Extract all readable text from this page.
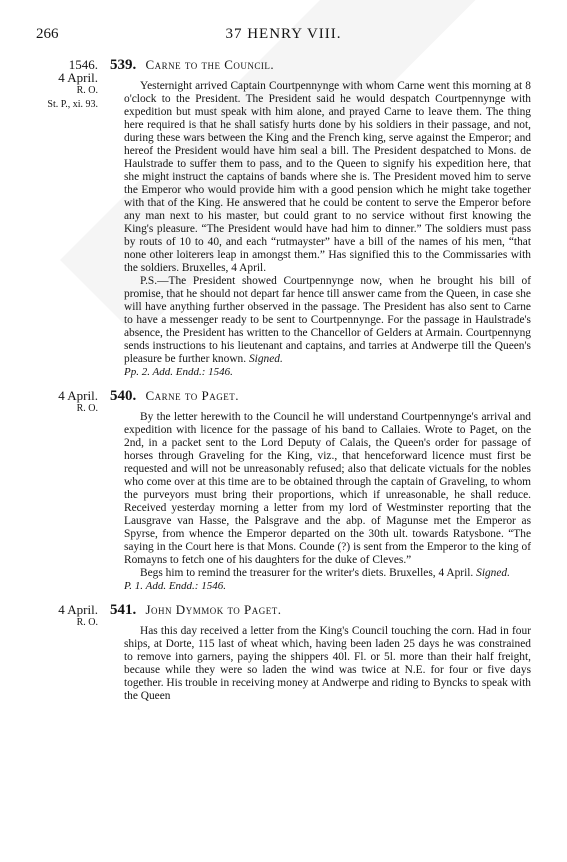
266	37 HENRY VIII.
1546.
4 April.
R. O.
St. P., xi. 93.
539. Carne to the Council.

Yesternight arrived Captain Courtpennynge with whom Carne went this morning at 8 o'clock to the President. The President said he would despatch Courtpennynge with expedition but must speak with him alone, and prayed Carne to leave them. The thing here required is that he shall satisfy hurts done by his soldiers in their passage, and not, during these wars between the King and the French king, serve against the Emperor; and hereof the President would have him seal a bill. The President despatched to Mons. de Haulstrade to suffer them to pass, and to the Queen to signify his expedition here, that she might instruct the captains of bands where she is. The President moved him to serve the Emperor who would provide him with a good pension which he might take together with that of the King. He answered that he could be content to serve the Emperor before any man next to his master, but could grant to no service without first knowing the King's pleasure. “The President would have had him to dinner.” The soldiers must pass by routs of 10 to 40, and each “rutmayster” have a bill of the names of his men, “that none other loiterers leap in amongst them.” Has signified this to the Commissaries with the soldiers. Bruxelles, 4 April.

P.S.—The President showed Courtpennynge now, when he brought his bill of promise, that he should not depart far hence till answer came from the Queen, in case she will have anything further observed in the passage. The President has also sent to Carne to have a messenger ready to be sent to Courtpennynge. For the passage in Haulstrade's absence, the President has written to the Chancellor of Gelders at Armain. Courtpennyng sends instructions to his lieutenant and captains, and tarries at Andwerpe till the Queen's pleasure be further known. Signed.

Pp. 2. Add. Endd.: 1546.
4 April.
R. O.
540. Carne to Paget.

By the letter herewith to the Council he will understand Courtpennynge's arrival and expedition with licence for the passage of his band to Callaies. Wrote to Paget, on the 2nd, in a packet sent to the Lord Deputy of Calais, the Queen's order for passage of horses through Graveling for the King, viz., that henceforward licence must first be requested and will not be unreasonably refused; also that delicate victuals for the nobles who come over at this time are to be obtained through the captain of Graveling, to whom the purveyors must bring their proportions, which if unreasonable, he shall reduce. Received yesterday morning a letter from my lord of Westminster reporting that the Lausgrave van Hasse, the Palsgrave and the abp. of Magunse met the Emperor as Spyrse, from whence the Emperor departed on the 30th ult. towards Ratysbone. “The saying in the Court here is that Mons. Counde (?) is sent from the Emperor to the king of Romayns to fetch one of his daughters for the duke of Cleves.”

Begs him to remind the treasurer for the writer's diets. Bruxelles, 4 April. Signed.

P. 1. Add. Endd.: 1546.
4 April.
R. O.
541. John Dymmok to Paget.

Has this day received a letter from the King's Council touching the corn. Had in four ships, at Dorte, 115 last of wheat which, having been laden 25 days he was constrained to remove into garners, paying the shippers 40l. Fl. or 5l. more than their half freight, because while they were so laden the wind was twice at N.E. for four or five days together. His trouble in receiving money at Andwerpe and riding to Byncks to speak with the Queen
